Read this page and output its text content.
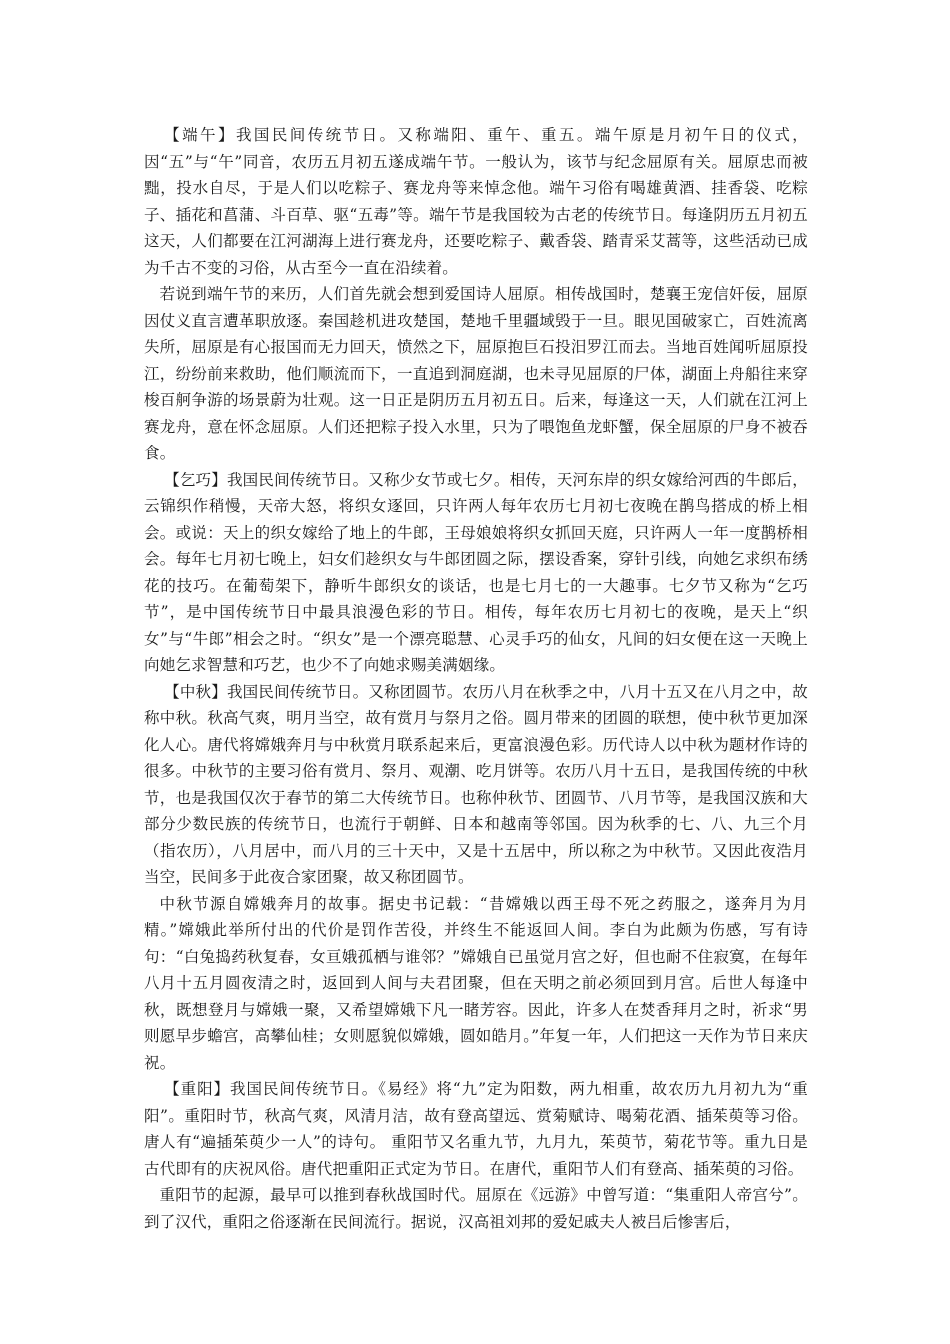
【端午】我国民间传统节日。又称端阳、重午、重五。端午原是月初午日的仪式，因“五”与“午”同音，农历五月初五遂成端午节。一般认为，该节与纪念屈原有关。屈原忠而被黜，投水自尽，于是人们以吃粽子、赛龙舟等来悼念他。端午习俗有喝雄黄酒、挂香袋、吃粽子、插花和菖蒲、斗百草、驱“五毒”等。端午节是我国较为古老的传统节日。每逢阴历五月初五这天，人们都要在江河湖海上进行赛龙舟，还要吃粽子、戴香袋、踏青采艾蒿等，这些活动已成为千古不变的习俗，从古至今一直在沿续着。

若说到端午节的来历，人们首先就会想到爱国诗人屈原。相传战国时，楚襄王宠信奸佞，屈原因仗义直言遭革职放逐。秦国趁机进攻楚国，楚地千里疆域毁于一旦。眼见国破家亡，百姓流离失所，屈原是有心报国而无力回天，愤然之下，屈原抱巨石投汨罗江而去。当地百姓闻听屈原投江，纷纷前来救助，他们顺流而下，一直追到洞庭湖，也未寻见屈原的尸体，湖面上舟船往来穿梭百舸争游的场景蔚为壮观。这一日正是阴历五月初五日。后来，每逢这一天，人们就在江河上赛龙舟，意在怀念屈原。人们还把粽子投入水里，只为了喂饱鱼龙虾蟹，保全屈原的尸身不被吞食。

【乞巧】我国民间传统节日。又称少女节或七夕。相传，天河东岸的织女嫁给河西的牛郎后，云锦织作稍慢，天帝大怒，将织女逐回，只许两人每年农历七月初七夜晚在鹊鸟搭成的桥上相会。或说：天上的织女嫁给了地上的牛郎，王母娘娘将织女抓回天庭，只许两人一年一度鹊桥相会。每年七月初七晚上，妇女们趁织女与牛郎团圆之际，摆设香案，穿针引线，向她乞求织布绣花的技巧。在葡萄架下，静听牛郎织女的谈话，也是七月七的一大趣事。七夕节又称为“乞巧节”，是中国传统节日中最具浪漫色彩的节日。相传，每年农历七月初七的夜晚，是天上“织女”与“牛郎”相会之时。“织女”是一个漂亮聪慧、心灵手巧的仙女，凡间的妇女便在这一天晚上向她乞求智慧和巧艺，也少不了向她求赐美满姻缘。

【中秋】我国民间传统节日。又称团圆节。农历八月在秋季之中，八月十五又在八月之中，故称中秋。秋高气爽，明月当空，故有赏月与祭月之俗。圆月带来的团圆的联想，使中秋节更加深化人心。唐代将嫦娥奔月与中秋赏月联系起来后，更富浪漫色彩。历代诗人以中秋为题材作诗的很多。中秋节的主要习俗有赏月、祭月、观潮、吃月饼等。农历八月十五日，是我国传统的中秋节，也是我国仅次于春节的第二大传统节日。也称仲秋节、团圆节、八月节等，是我国汉族和大部分少数民族的传统节日，也流行于朝鲜、日本和越南等邻国。因为秋季的七、八、九三个月（指农历），八月居中，而八月的三十天中，又是十五居中，所以称之为中秋节。又因此夜浩月当空，民间多于此夜合家团聚，故又称团圆节。

中秋节源自嫦娥奔月的故事。据史书记载：“昔嫦娥以西王母不死之药服之，遂奔月为月精。”嫦娥此举所付出的代价是罚作苦役，并终生不能返回人间。李白为此颇为伤感，写有诗句：“白兔捣药秋复春，女亘娥孤栖与谁邻？”嫦娥自已虽觉月宫之好，但也耐不住寂寞，在每年八月十五月圆夜清之时，返回到人间与夫君团聚，但在天明之前必须回到月宫。后世人每逢中秋，既想登月与嫦娥一聚，又希望嫦娥下凡一睹芳容。因此，许多人在焚香拜月之时，祈求“男则愿早步蟾宫，高攀仙桂；女则愿貌似嫦娥，圆如皓月。”年复一年，人们把这一天作为节日来庆祝。

【重阳】我国民间传统节日。《易经》将“九”定为阳数，两九相重，故农历九月初九为“重阳”。重阳时节，秋高气爽，风清月洁，故有登高望远、赏菊赋诗、喝菊花酒、插茱萸等习俗。唐人有“遍插茱萸少一人”的诗句。 重阳节又名重九节，九月九，茱萸节，菊花节等。重九日是古代即有的庆祝风俗。唐代把重阳正式定为节日。在唐代，重阳节人们有登高、插茱萸的习俗。

重阳节的起源，最早可以推到春秋战国时代。屈原在《远游》中曾写道：“集重阳人帝宫兮”。到了汉代，重阳之俗逐渐在民间流行。据说，汉高祖刘邦的爱妃戚夫人被吕后惨害后，
